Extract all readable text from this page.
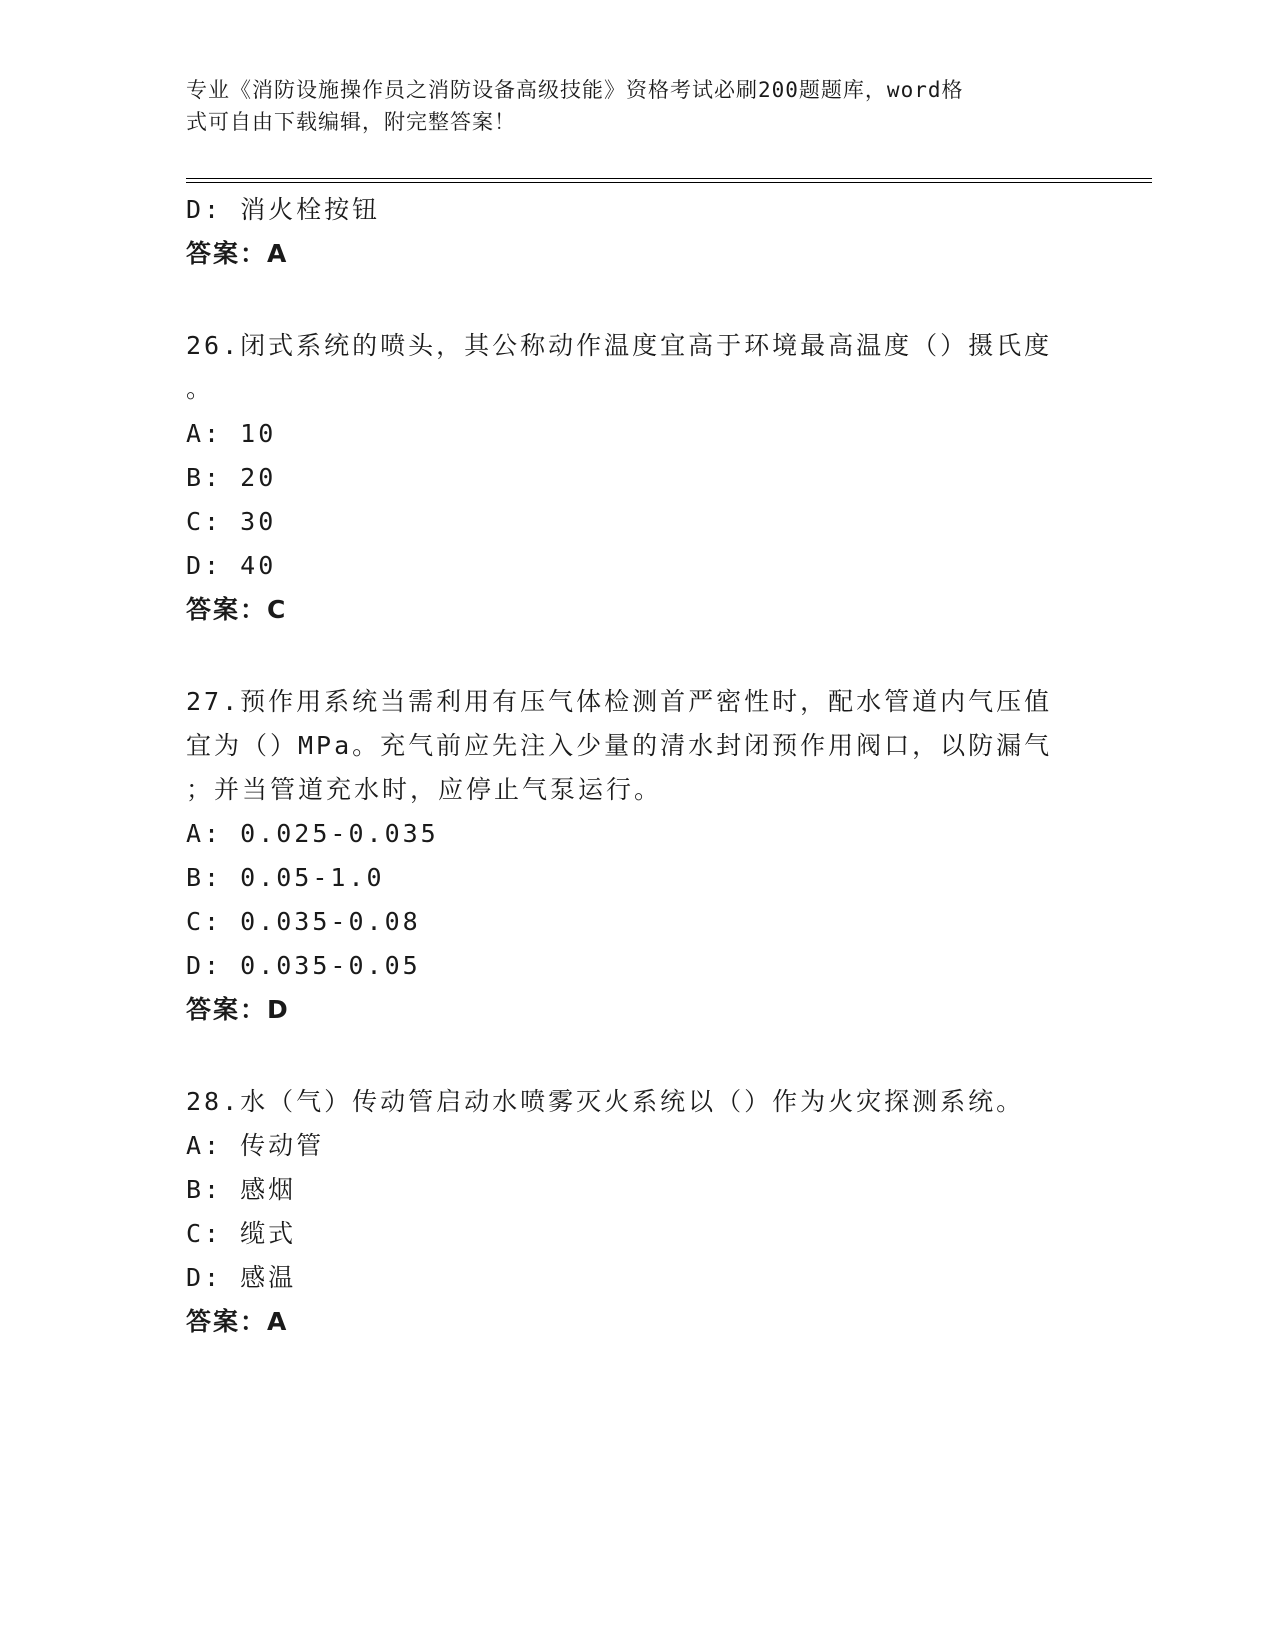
专业《消防设施操作员之消防设备高级技能》资格考试必刷200题题库，word格
式可自由下载编辑，附完整答案！
D: 消火栓按钮
答案：A
26.闭式系统的喷头，其公称动作温度宜高于环境最高温度（）摄氏度
。
A: 10
B: 20
C: 30
D: 40
答案：C
27.预作用系统当需利用有压气体检测首严密性时，配水管道内气压值
宜为（）MPa。充气前应先注入少量的清水封闭预作用阀口，以防漏气
；并当管道充水时，应停止气泵运行。
A: 0.025-0.035
B: 0.05-1.0
C: 0.035-0.08
D: 0.035-0.05
答案：D
28.水（气）传动管启动水喷雾灭火系统以（）作为火灾探测系统。
A: 传动管
B: 感烟
C: 缆式
D: 感温
答案：A
